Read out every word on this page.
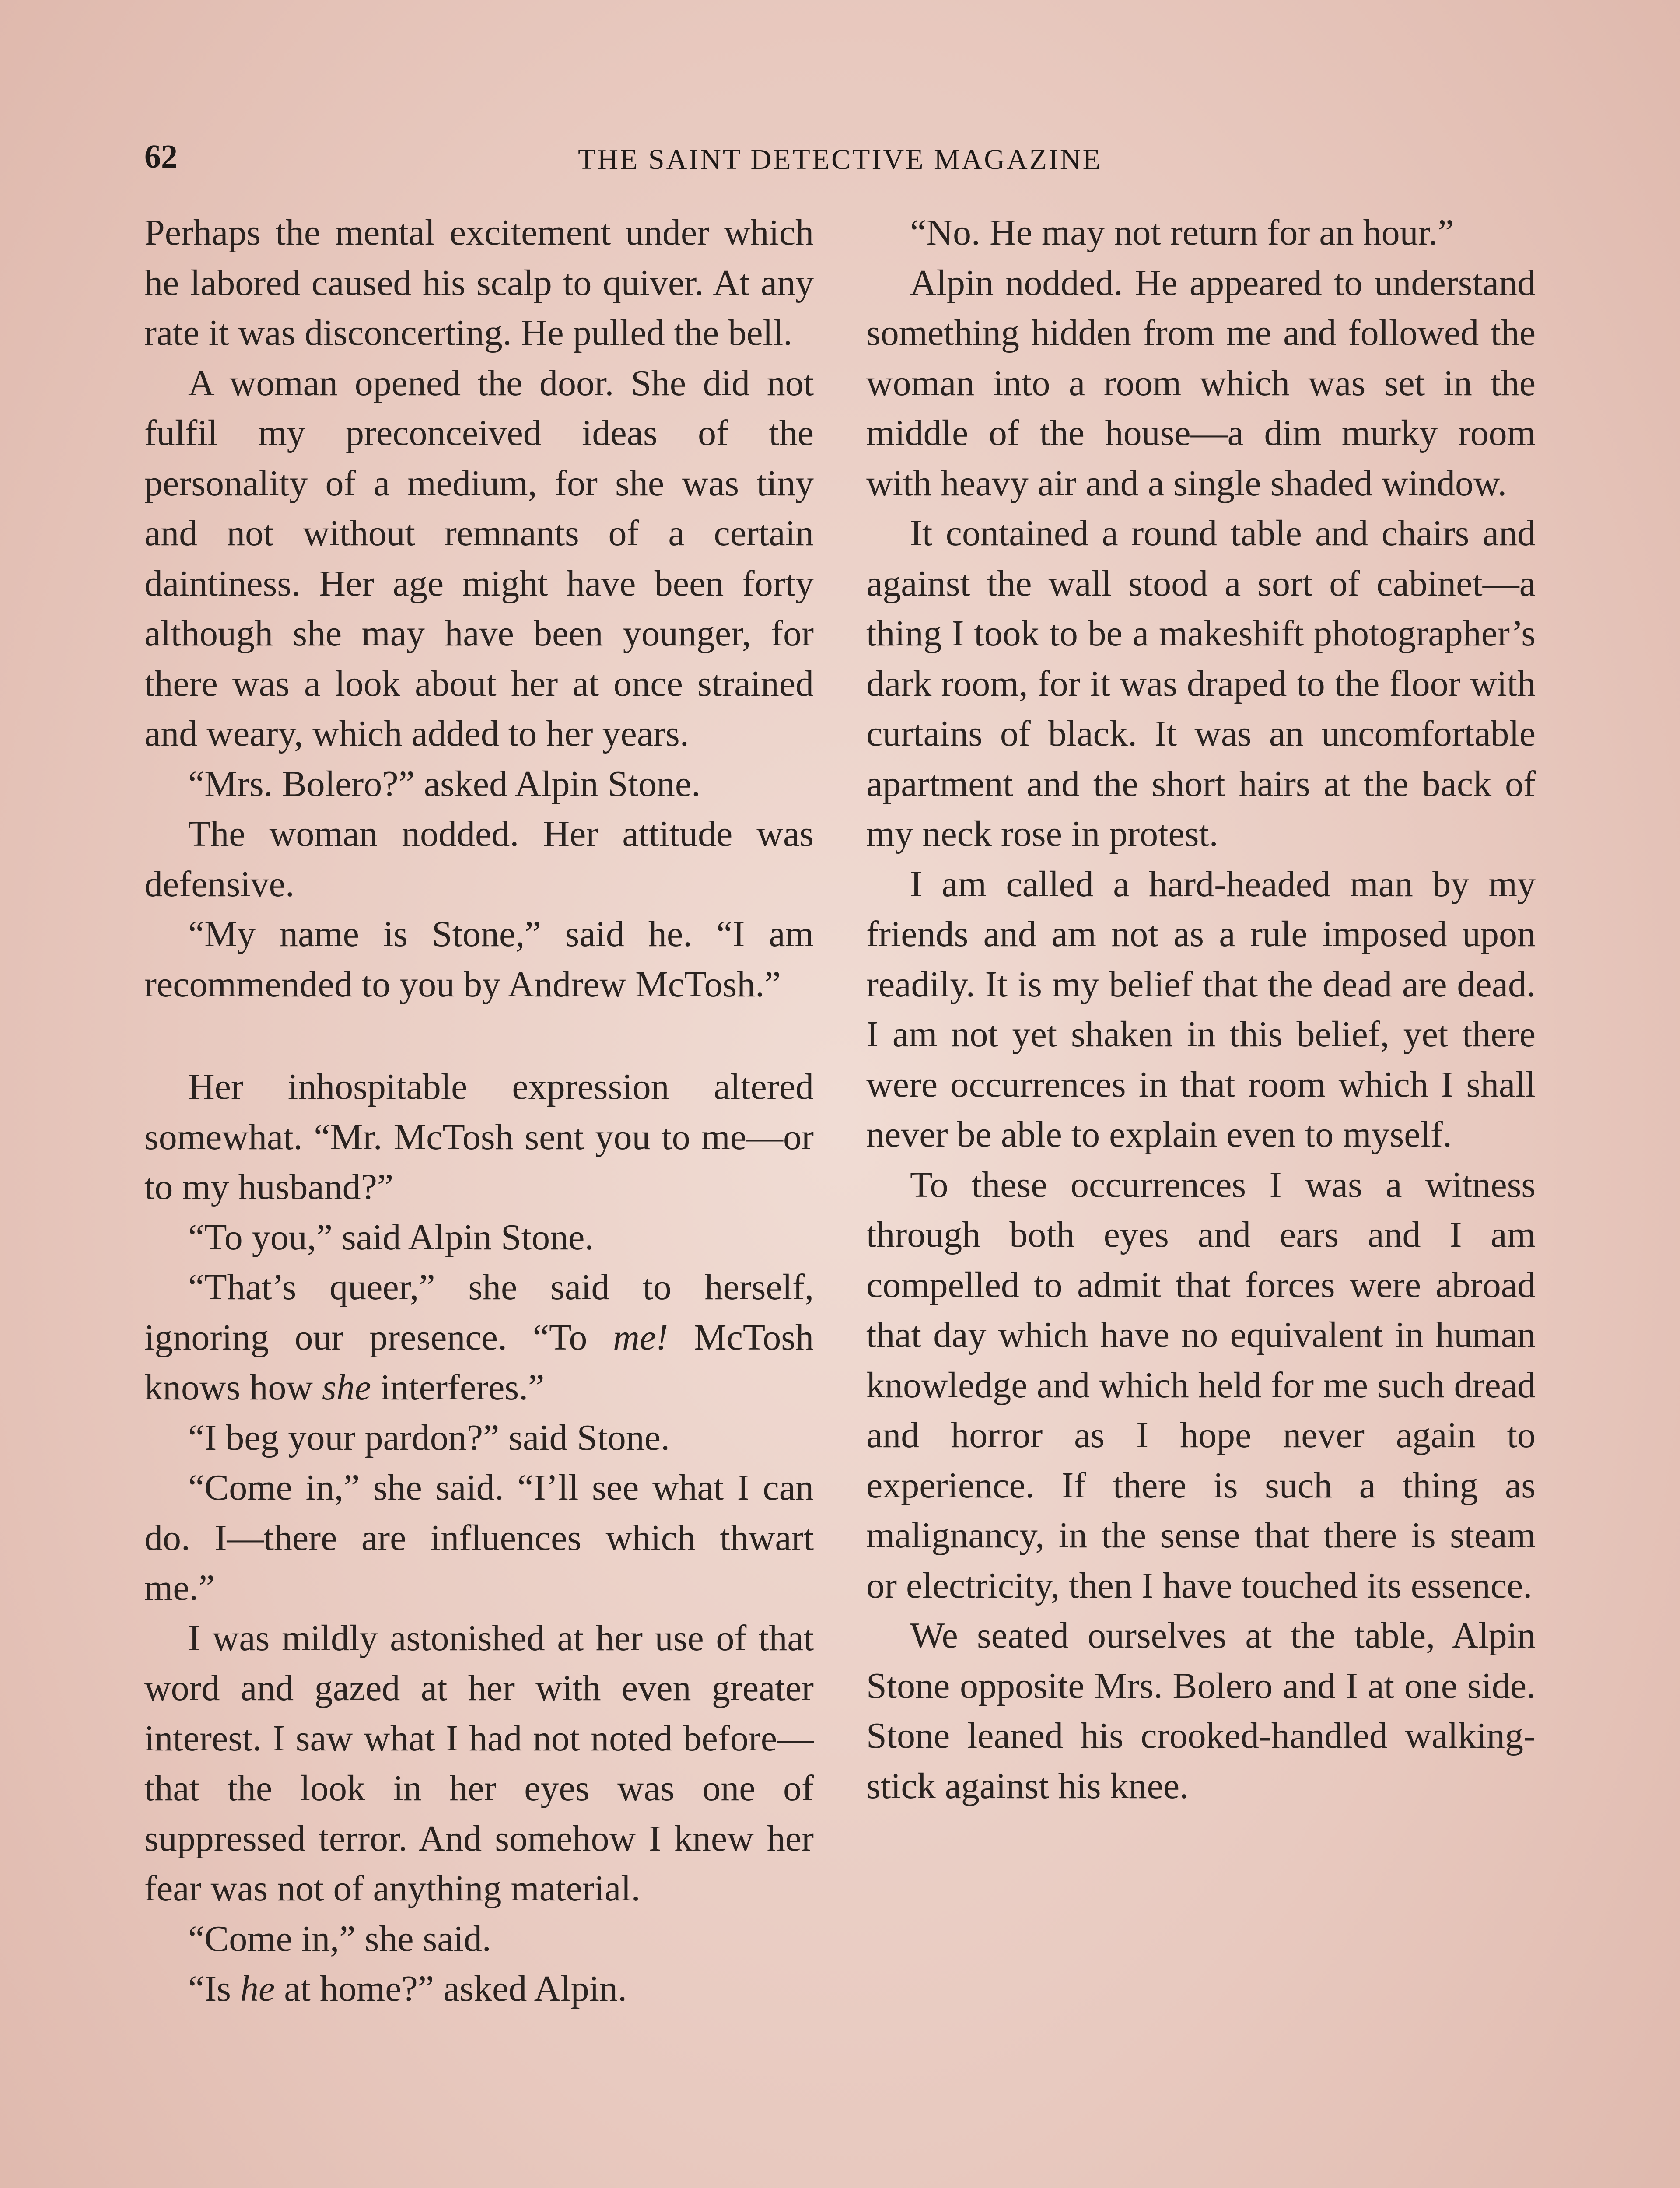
62	THE SAINT DETECTIVE MAGAZINE

Perhaps the mental excitement under which he labored caused his scalp to quiver. At any rate it was disconcerting. He pulled the bell.

A woman opened the door. She did not fulfil my preconceived ideas of the personality of a medium, for she was tiny and not without remnants of a certain daintiness. Her age might have been forty although she may have been younger, for there was a look about her at once strained and weary, which added to her years.

“Mrs. Bolero?” asked Alpin Stone.

The woman nodded. Her attitude was defensive.

“My name is Stone,” said he. “I am recommended to you by Andrew McTosh.”

Her inhospitable expression altered somewhat. “Mr. McTosh sent you to me—or to my husband?”

“To you,” said Alpin Stone.

“That’s queer,” she said to herself, ignoring our presence. “To me! McTosh knows how she interferes.”

“I beg your pardon?” said Stone.

“Come in,” she said. “I’ll see what I can do. I—there are influences which thwart me.”

I was mildly astonished at her use of that word and gazed at her with even greater interest. I saw what I had not noted before—that the look in her eyes was one of suppressed terror. And somehow I knew her fear was not of anything material.

“Come in,” she said.

“Is he at home?” asked Alpin.

“No. He may not return for an hour.”

Alpin nodded. He appeared to understand something hidden from me and followed the woman into a room which was set in the middle of the house—a dim murky room with heavy air and a single shaded window.

It contained a round table and chairs and against the wall stood a sort of cabinet—a thing I took to be a makeshift photographer’s dark room, for it was draped to the floor with curtains of black. It was an uncomfortable apartment and the short hairs at the back of my neck rose in protest.

I am called a hard-headed man by my friends and am not as a rule imposed upon readily. It is my belief that the dead are dead. I am not yet shaken in this belief, yet there were occurrences in that room which I shall never be able to explain even to myself.

To these occurrences I was a witness through both eyes and ears and I am compelled to admit that forces were abroad that day which have no equivalent in human knowledge and which held for me such dread and horror as I hope never again to experience. If there is such a thing as malignancy, in the sense that there is steam or electricity, then I have touched its essence.

We seated ourselves at the table, Alpin Stone opposite Mrs. Bolero and I at one side. Stone leaned his crooked-handled walking-stick against his knee.
